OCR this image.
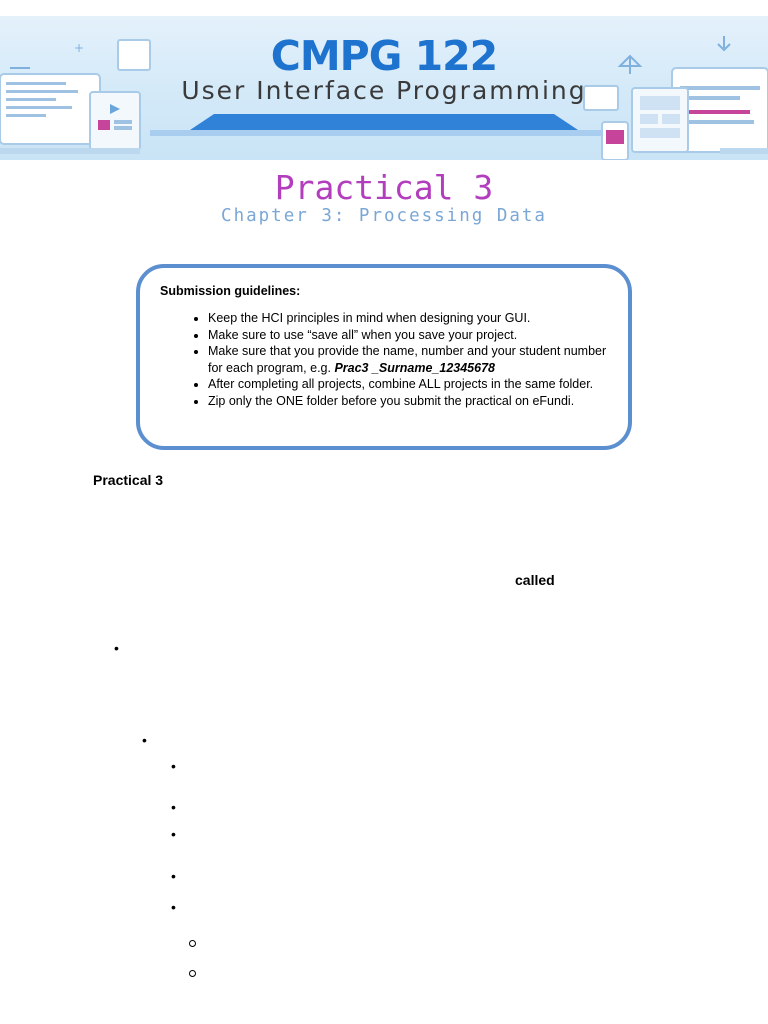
+	CMPG 122
User Interface Programming
Practical 3
Chapter 3: Processing Data
Submission guidelines:
• Keep the HCI principles in mind when designing your GUI.
• Make sure to use “save all” when you save your project.
• Make sure that you provide the name, number and your student number for each program, e.g. Prac3 _Surname_12345678
• After completing all projects, combine ALL projects in the same folder.
• Zip only the ONE folder before you submit the practical on eFundi.
Practical 3
called
•
•
•
•
•
•
•
